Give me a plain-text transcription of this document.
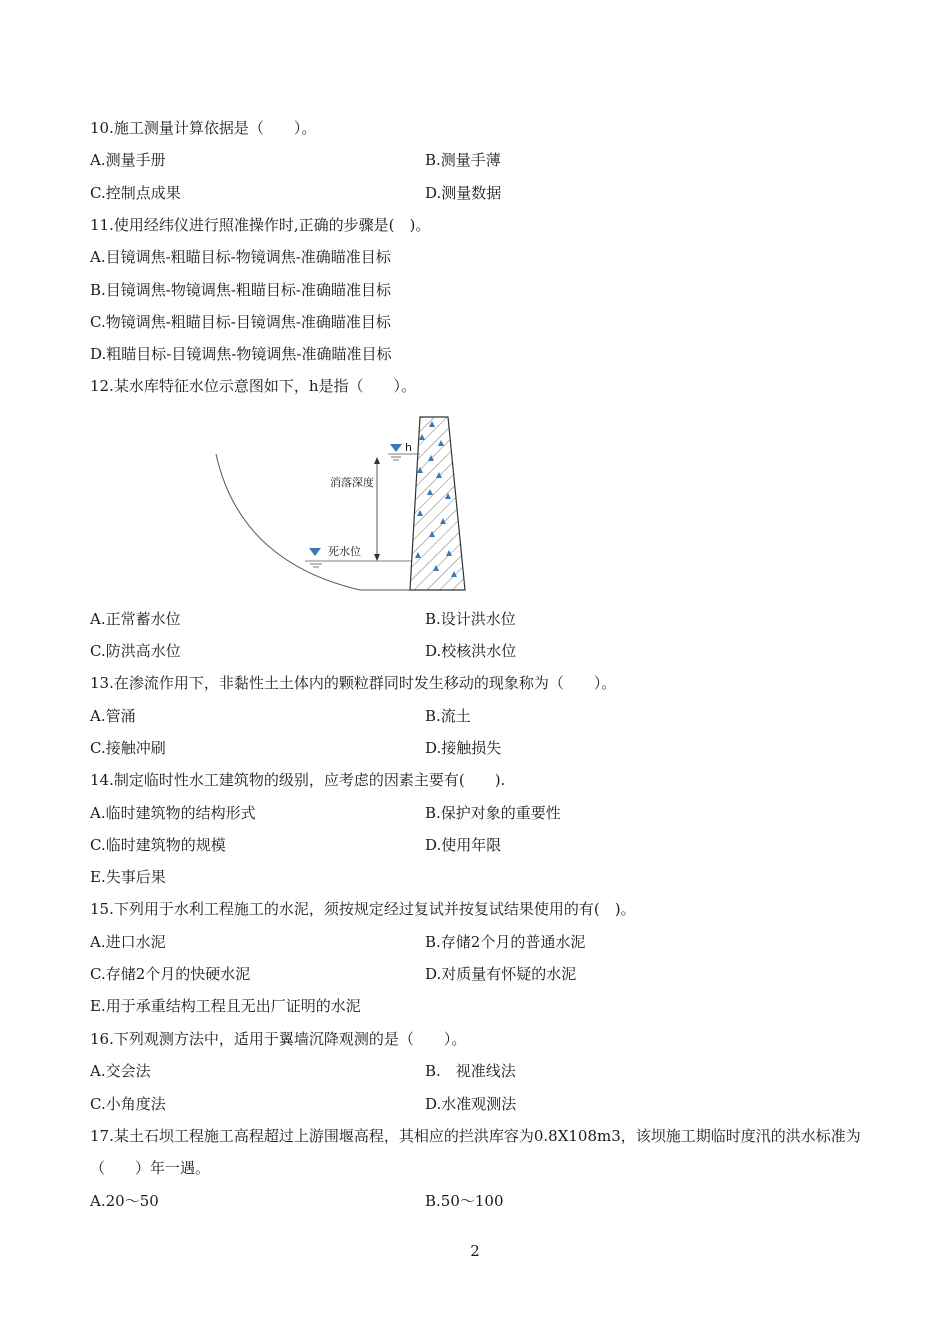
10.施工测量计算依据是（　　）。
A.测量手册	B.测量手薄
C.控制点成果	D.测量数据
11.使用经纬仪进行照准操作时,正确的步骤是(　)。
A.目镜调焦-粗瞄目标-物镜调焦-准确瞄准目标
B.目镜调焦-物镜调焦-粗瞄目标-准确瞄准目标
C.物镜调焦-粗瞄目标-目镜调焦-准确瞄准目标
D.粗瞄目标-目镜调焦-物镜调焦-准确瞄准目标
12.某水库特征水位示意图如下，h是指（　　）。
h
消落深度
死水位
A.正常蓄水位	B.设计洪水位
C.防洪高水位	D.校核洪水位
13.在渗流作用下，非黏性土土体内的颗粒群同时发生移动的现象称为（　　）。
A.管涌	B.流土
C.接触冲刷	D.接触损失
14.制定临时性水工建筑物的级别，应考虑的因素主要有(　　).
A.临时建筑物的结构形式	B.保护对象的重要性
C.临时建筑物的规模	D.使用年限
E.失事后果
15.下列用于水利工程施工的水泥，须按规定经过复试并按复试结果使用的有(　)。
A.进口水泥	B.存储2个月的普通水泥
C.存储2个月的快硬水泥	D.对质量有怀疑的水泥
E.用于承重结构工程且无出厂证明的水泥
16.下列观测方法中，适用于翼墙沉降观测的是（　　）。
A.交会法	B.　视准线法
C.小角度法	D.水准观测法
17.某土石坝工程施工高程超过上游围堰高程，其相应的拦洪库容为0.8X108m3，该坝施工期临时度汛的洪水标准为（　　）年一遇。
A.20～50	B.50～100
2
